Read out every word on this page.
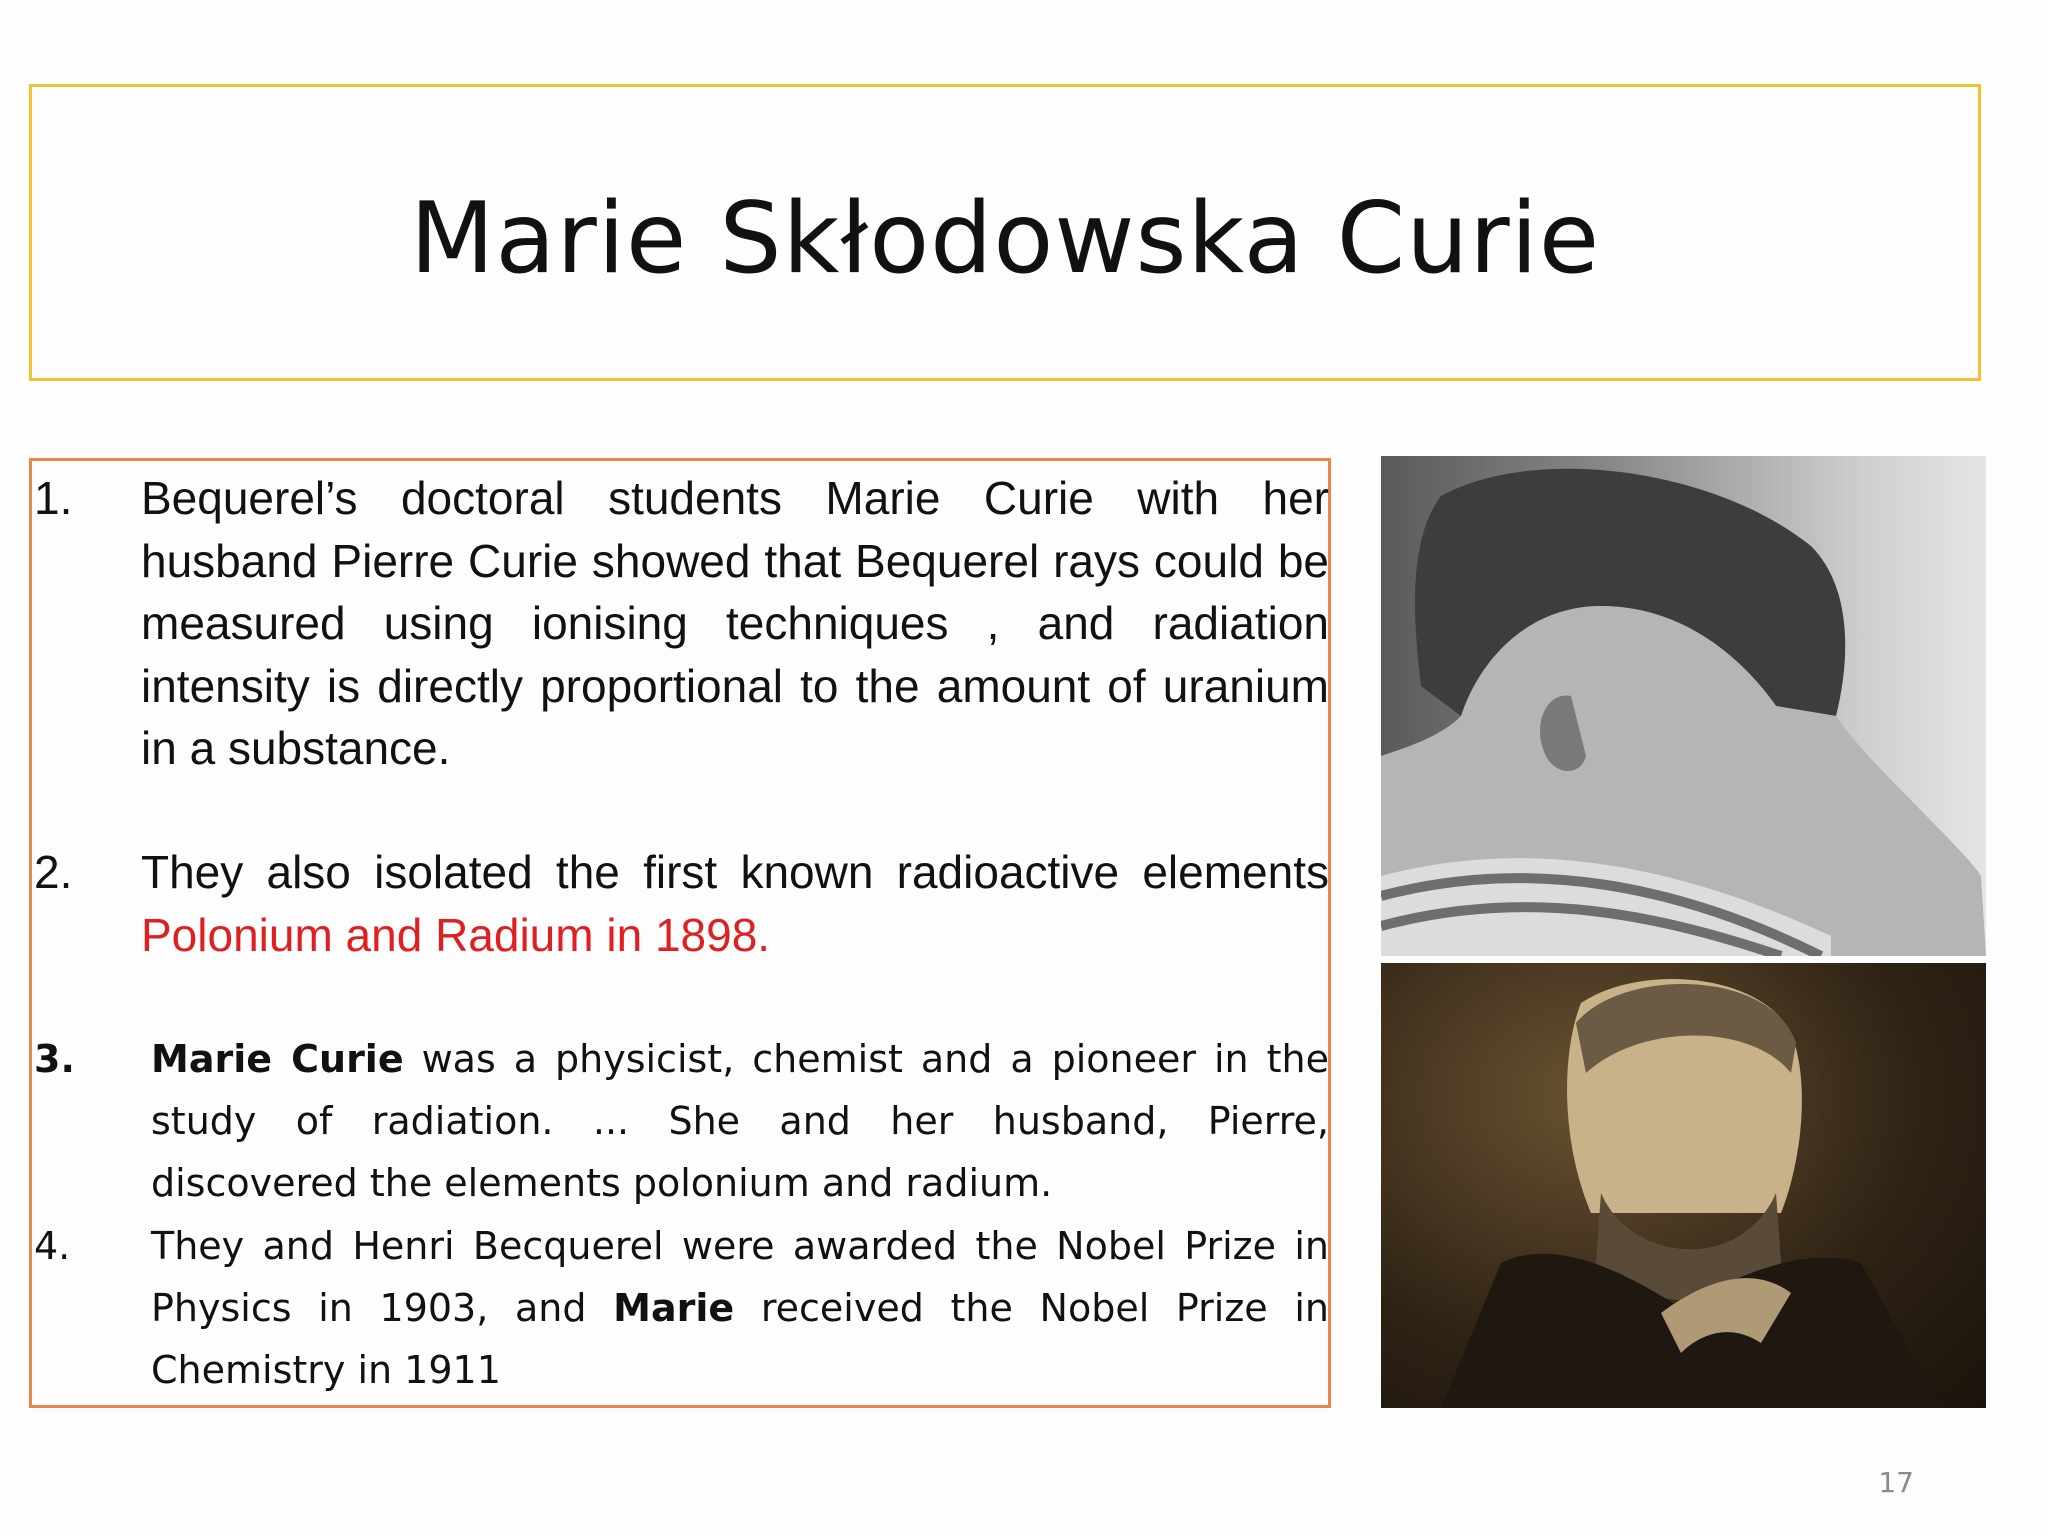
Marie Skłodowska Curie
1. Bequerel’s doctoral students Marie Curie with her husband Pierre Curie showed that Bequerel rays could be measured using ionising techniques , and radiation intensity is directly proportional to the amount of uranium in a substance.
2. They also isolated the first known radioactive elements Polonium and Radium in 1898.
3. Marie Curie was a physicist, chemist and a pioneer in the study of radiation. ... She and her husband, Pierre, discovered the elements polonium and radium.
4. They and Henri Becquerel were awarded the Nobel Prize in Physics in 1903, and Marie received the Nobel Prize in Chemistry in 1911
17
